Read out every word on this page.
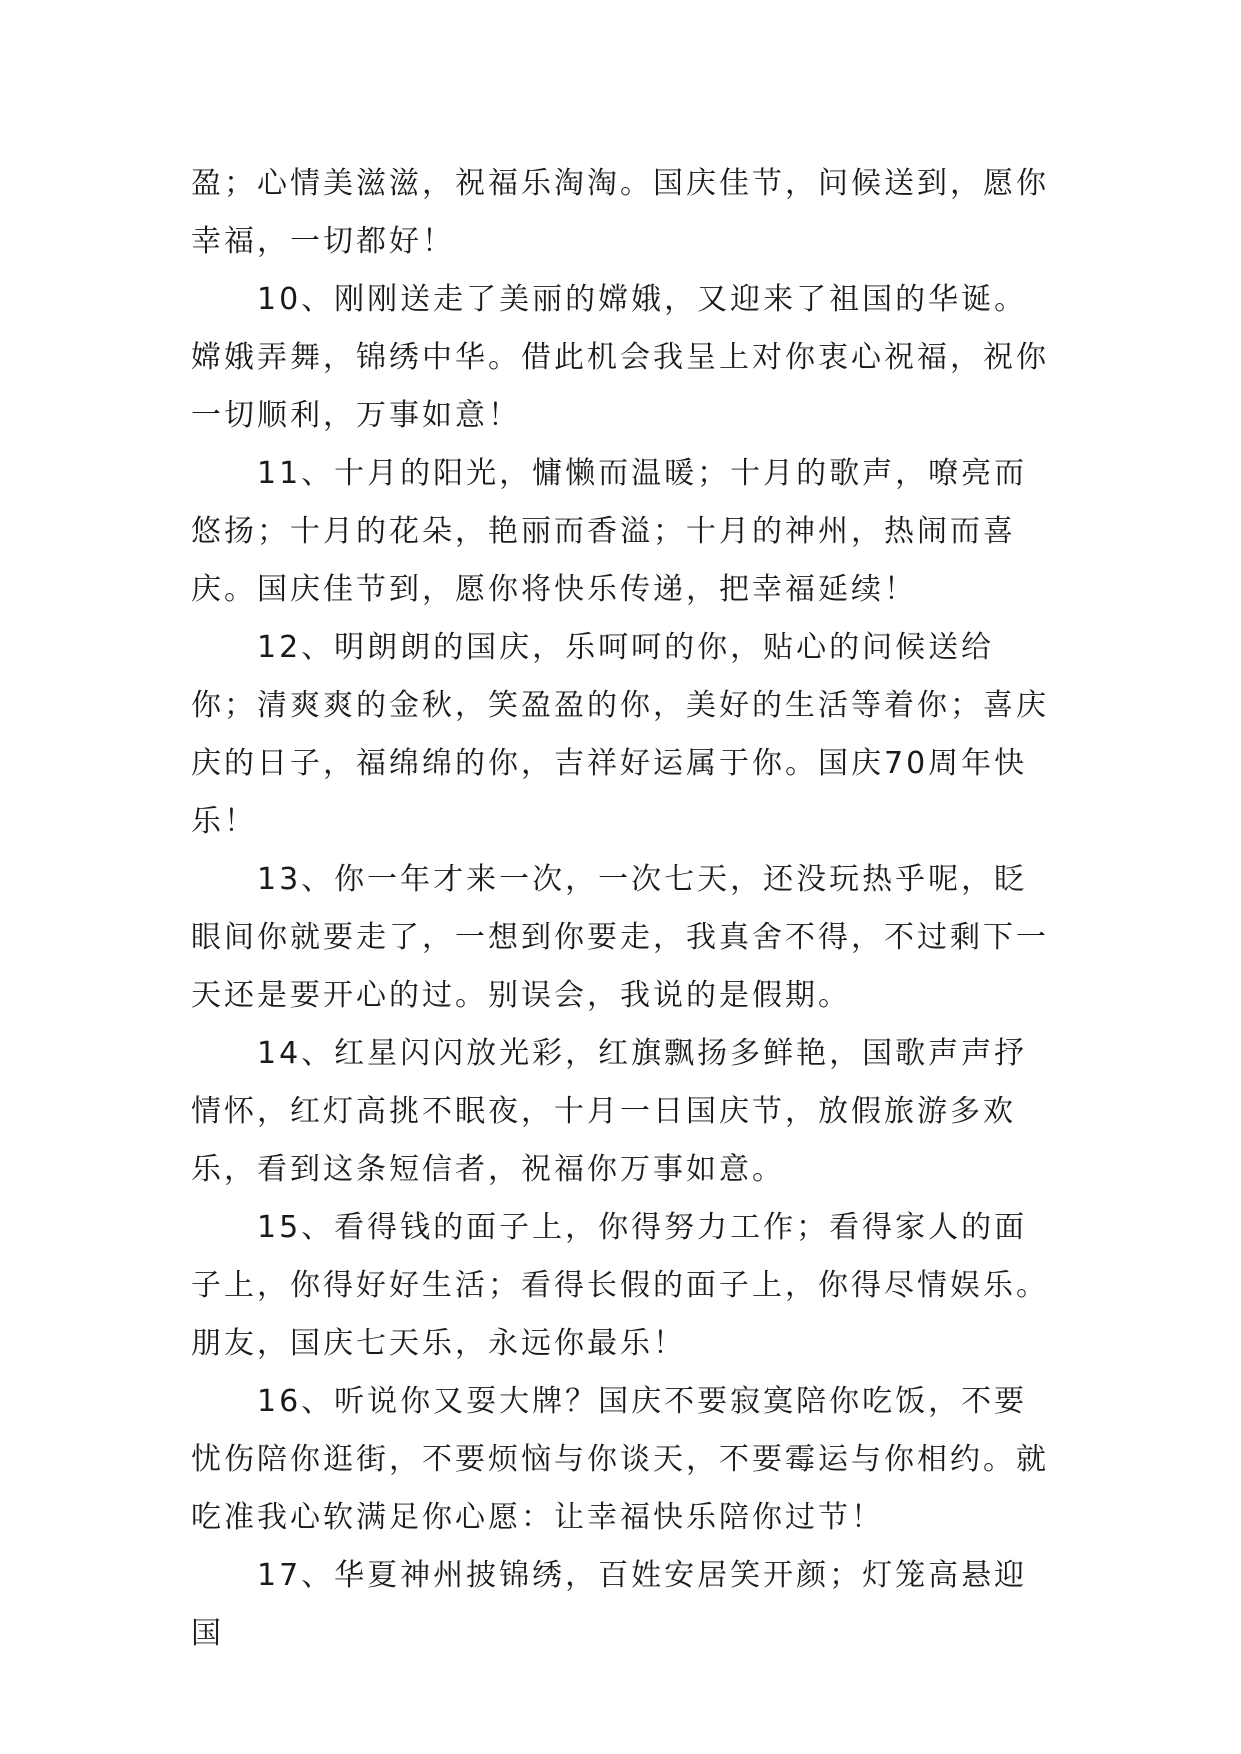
盈；心情美滋滋，祝福乐淘淘。国庆佳节，问候送到，愿你幸福，一切都好！

10、刚刚送走了美丽的嫦娥，又迎来了祖国的华诞。嫦娥弄舞，锦绣中华。借此机会我呈上对你衷心祝福，祝你一切顺利，万事如意！

11、十月的阳光，慵懒而温暖；十月的歌声，嘹亮而悠扬；十月的花朵，艳丽而香溢；十月的神州，热闹而喜庆。国庆佳节到，愿你将快乐传递，把幸福延续！

12、明朗朗的国庆，乐呵呵的你，贴心的问候送给你；清爽爽的金秋，笑盈盈的你，美好的生活等着你；喜庆庆的日子，福绵绵的你，吉祥好运属于你。国庆70周年快乐！

13、你一年才来一次，一次七天，还没玩热乎呢，眨眼间你就要走了，一想到你要走，我真舍不得，不过剩下一天还是要开心的过。别误会，我说的是假期。

14、红星闪闪放光彩，红旗飘扬多鲜艳，国歌声声抒情怀，红灯高挑不眠夜，十月一日国庆节，放假旅游多欢乐，看到这条短信者，祝福你万事如意。

15、看得钱的面子上，你得努力工作；看得家人的面子上，你得好好生活；看得长假的面子上，你得尽情娱乐。朋友，国庆七天乐，永远你最乐！

16、听说你又耍大牌？国庆不要寂寞陪你吃饭，不要忧伤陪你逛街，不要烦恼与你谈天，不要霉运与你相约。就吃准我心软满足你心愿：让幸福快乐陪你过节！

17、华夏神州披锦绣，百姓安居笑开颜；灯笼高悬迎国
